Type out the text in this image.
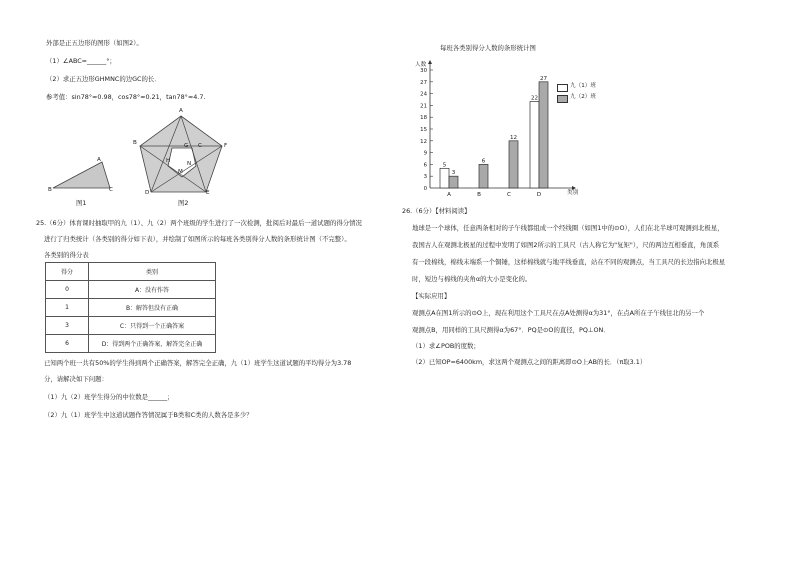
外部是正五边形的图形（如图2）。
（1）∠ABC=______°；
（2）求正五边形GHMNC的边GC的长．
参考值：sin78°≈0.98，cos78°≈0.21，tan78°≈4.7.
A
B	C
图1
A
B	C
D	E
F
G
H
M
N
图2
25.（6分）体育课时抽取甲的九（1）、九（2）两个班级的学生进行了一次检测，批阅后对最后一道试题的得分情况
进行了归类统计（各类别的得分如下表），并绘制了如图所示的每班各类别得分人数的条形统计图（不完整）。
各类别的得分表
得分	类别
0	A：没有作答
1	B：解答但没有正确
3	C：只得到一个正确答案
6	D：得到两个正确答案，解答完全正确
已知两个班一共有50%的学生得到两个正确答案，解答完全正确，九（1）班学生这道试题的平均得分为3.78
分，请解决如下问题：
（1）九（2）班学生得分的中位数是______；
（2）九（1）班学生中这道试题作答情况属于B类和C类的人数各是多少？
每班各类别得分人数的条形统计图
人数
类别
0
3
6
9
12
15
18
21
24
27
30
A
5
3
B
6
C
12
D
22
27
九（1）班
九（2）班
26.（6分）【材料阅读】
地球是一个球体，任意两条相对的子午线都组成一个经线圈（如图1中的⊙O），人们在北半球可观测到北极星，
我国古人在观测北极星的过程中发明了如图2所示的工具尺（古人称它为"复矩"），尺的两边互相垂直，角顶系
有一段棉线，棉线末端系一个铜锤，这样棉线就与地平线垂直，站在不同的观测点，当工具尺的长边指向北极星
时，短边与棉线的夹角α的大小是变化的。
【实际应用】
观测点A在图1所示的⊙O上，现在利用这个工具尺在点A处测得α为31°，在点A所在子午线往北的另一个
观测点B，用同样的工具尺测得α为67°．PQ是⊙O的直径，PQ⊥ON．
（1）求∠POB的度数；
（2）已知OP=6400km，求这两个观测点之间的距离即⊙O上AB的长．（π取3.1）
